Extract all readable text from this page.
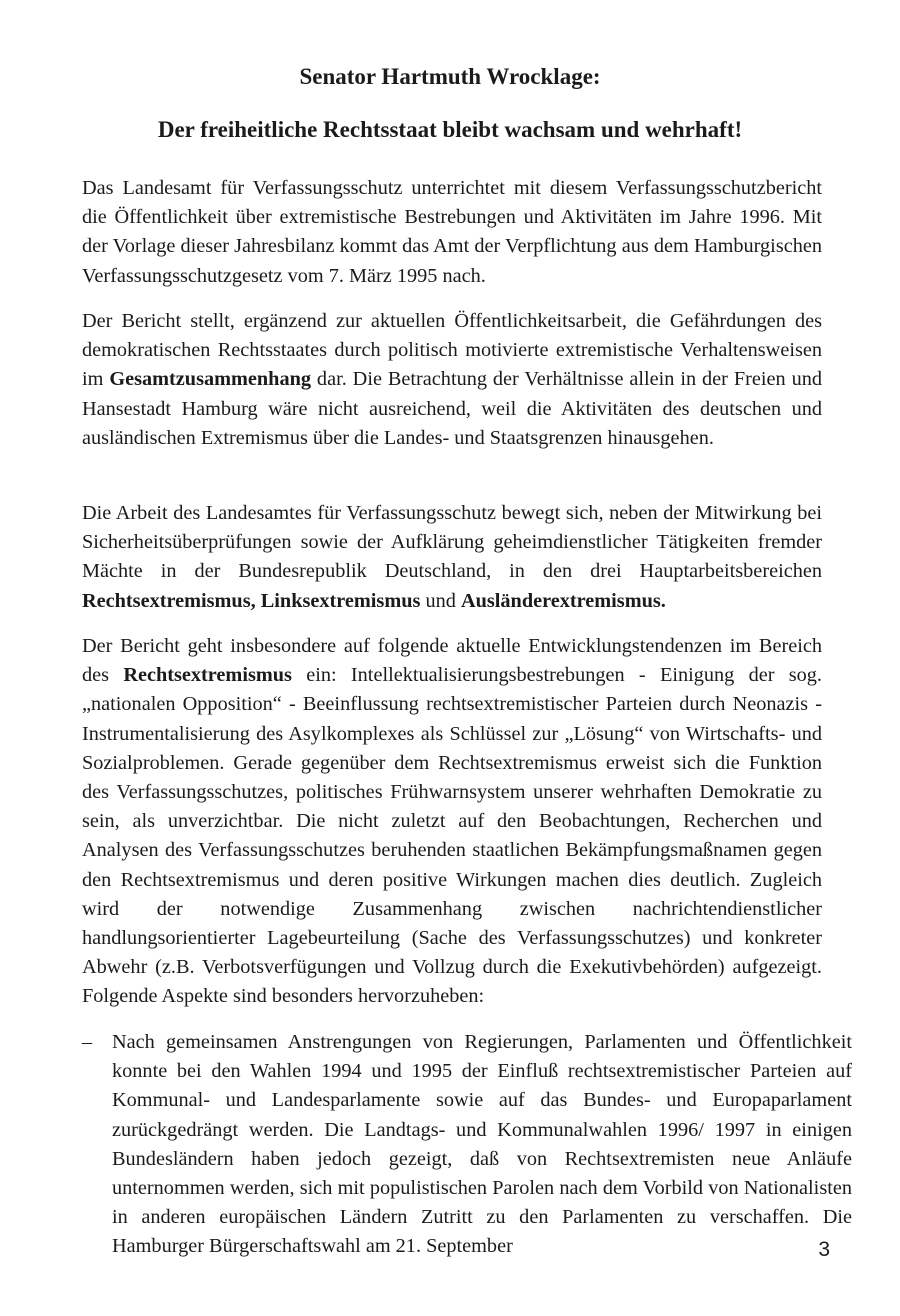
Senator Hartmuth Wrocklage:
Der freiheitliche Rechtsstaat bleibt wachsam und wehrhaft!

Das Landesamt für Verfassungsschutz unterrichtet mit diesem Verfassungsschutzbericht die Öffentlichkeit über extremistische Bestrebungen und Aktivitäten im Jahre 1996. Mit der Vorlage dieser Jahresbilanz kommt das Amt der Verpflichtung aus dem Hamburgischen Verfassungsschutzgesetz vom 7. März 1995 nach.

Der Bericht stellt, ergänzend zur aktuellen Öffentlichkeitsarbeit, die Gefährdungen des demokratischen Rechtsstaates durch politisch motivierte extremistische Verhaltensweisen im Gesamtzusammenhang dar. Die Betrachtung der Verhältnisse allein in der Freien und Hansestadt Hamburg wäre nicht ausreichend, weil die Aktivitäten des deutschen und ausländischen Extremismus über die Landes- und Staatsgrenzen hinausgehen.

Die Arbeit des Landesamtes für Verfassungsschutz bewegt sich, neben der Mitwirkung bei Sicherheitsüberprüfungen sowie der Aufklärung geheimdienstlicher Tätigkeiten fremder Mächte in der Bundesrepublik Deutschland, in den drei Hauptarbeitsbereichen Rechtsextremismus, Linksextremismus und Ausländerextremismus.

Der Bericht geht insbesondere auf folgende aktuelle Entwicklungstendenzen im Bereich des Rechtsextremismus ein: Intellektualisierungsbestrebungen - Einigung der sog. „nationalen Opposition“ - Beeinflussung rechtsextremistischer Parteien durch Neonazis - Instrumentalisierung des Asylkomplexes als Schlüssel zur „Lösung“ von Wirtschafts- und Sozialproblemen. Gerade gegenüber dem Rechtsextremismus erweist sich die Funktion des Verfassungsschutzes, politisches Frühwarnsystem unserer wehrhaften Demokratie zu sein, als unverzichtbar. Die nicht zuletzt auf den Beobachtungen, Recherchen und Analysen des Verfassungsschutzes beruhenden staatlichen Bekämpfungsmaßnamen gegen den Rechtsextremismus und deren positive Wirkungen machen dies deutlich. Zugleich wird der notwendige Zusammenhang zwischen nachrichtendienstlicher handlungsorientierter Lagebeurteilung (Sache des Verfassungsschutzes) und konkreter Abwehr (z.B. Verbotsverfügungen und Vollzug durch die Exekutivbehörden) aufgezeigt. Folgende Aspekte sind besonders hervorzuheben:

– Nach gemeinsamen Anstrengungen von Regierungen, Parlamenten und Öffentlichkeit konnte bei den Wahlen 1994 und 1995 der Einfluß rechtsextremistischer Parteien auf Kommunal- und Landesparlamente sowie auf das Bundes- und Europaparlament zurückgedrängt werden. Die Landtags- und Kommunalwahlen 1996/ 1997 in einigen Bundesländern haben jedoch gezeigt, daß von Rechtsextremisten neue Anläufe unternommen werden, sich mit populistischen Parolen nach dem Vorbild von Nationalisten in anderen europäischen Ländern Zutritt zu den Parlamenten zu verschaffen. Die Hamburger Bürgerschaftswahl am 21. September	3
